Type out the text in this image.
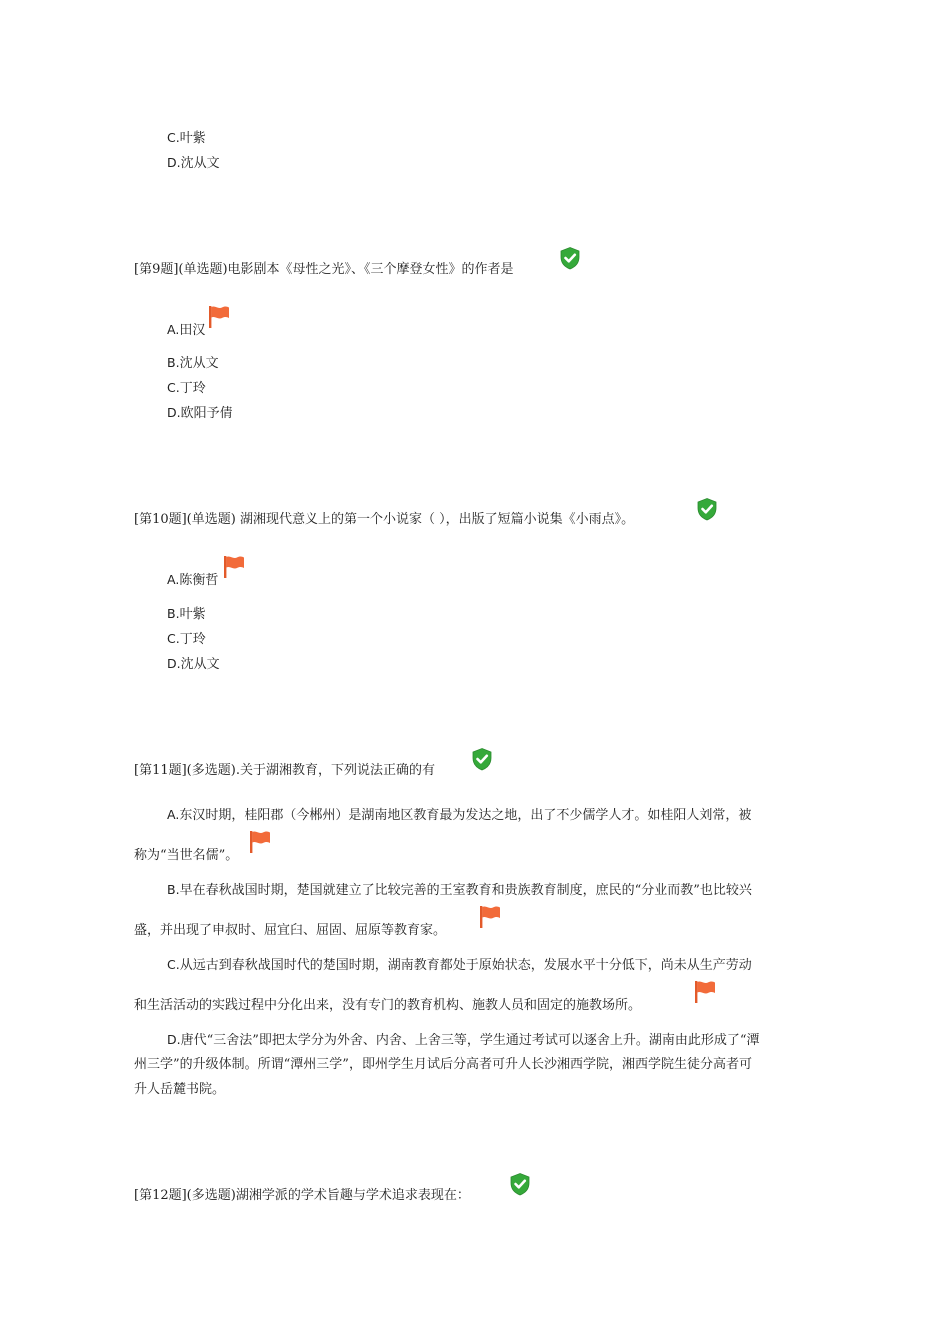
C.叶紫
D.沈从文
[第9题](单选题)电影剧本《母性之光》、《三个摩登女性》的作者是
A.田汉
B.沈从文
C.丁玲
D.欧阳予倩
[第10题](单选题) 湖湘现代意义上的第一个小说家（ ），出版了短篇小说集《小雨点》。
A.陈衡哲
B.叶紫
C.丁玲
D.沈从文
[第11题](多选题).关于湖湘教育，下列说法正确的有
A.东汉时期，桂阳郡（今郴州）是湖南地区教育最为发达之地，出了不少儒学人才。如桂阳人刘常，被
称为“当世名儒”。
B.早在春秋战国时期，楚国就建立了比较完善的王室教育和贵族教育制度，庶民的“分业而教”也比较兴
盛，并出现了申叔时、屈宜臼、屈固、屈原等教育家。
C.从远古到春秋战国时代的楚国时期，湖南教育都处于原始状态，发展水平十分低下，尚未从生产劳动
和生活活动的实践过程中分化出来，没有专门的教育机构、施教人员和固定的施教场所。
D.唐代“三舍法”即把太学分为外舍、内舍、上舍三等，学生通过考试可以逐舍上升。湖南由此形成了“潭
州三学”的升级体制。所谓“潭州三学”，即州学生月试后分高者可升人长沙湘西学院，湘西学院生徒分高者可
升人岳麓书院。
[第12题](多选题)湖湘学派的学术旨趣与学术追求表现在：
